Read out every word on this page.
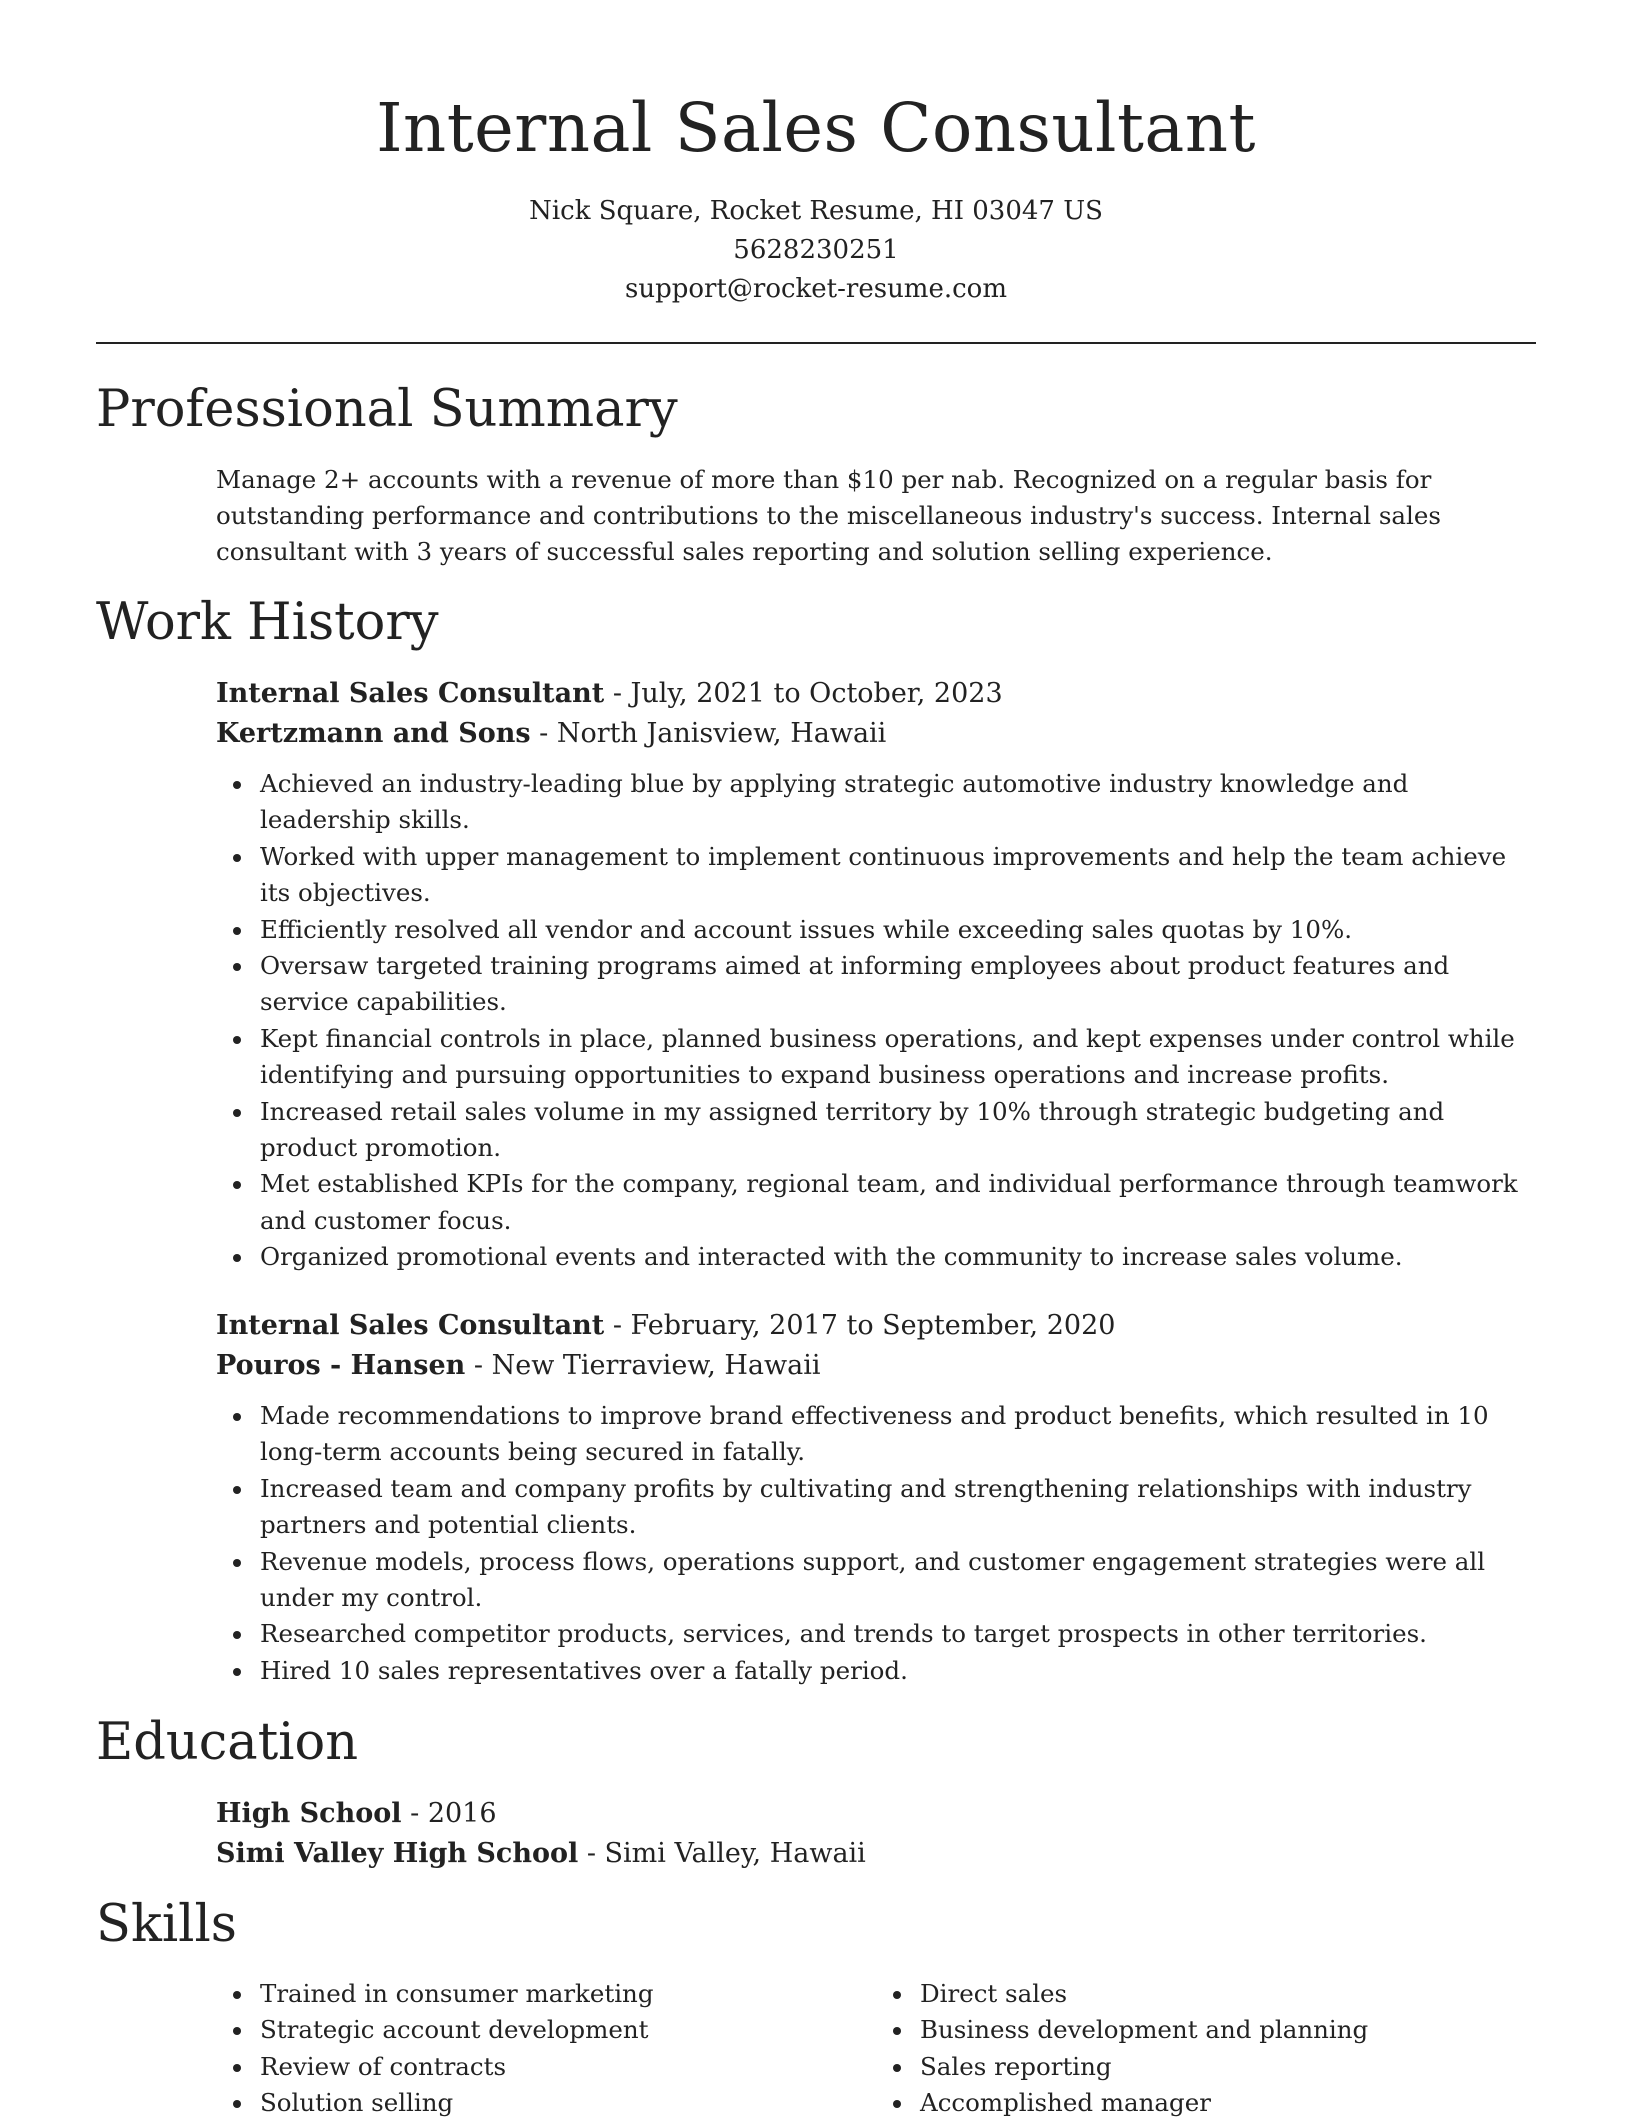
Internal Sales Consultant
Nick Square, Rocket Resume, HI 03047 US
5628230251
support@rocket-resume.com
Professional Summary
Manage 2+ accounts with a revenue of more than $10 per nab. Recognized on a regular basis for outstanding performance and contributions to the miscellaneous industry's success. Internal sales consultant with 3 years of successful sales reporting and solution selling experience.
Work History
Internal Sales Consultant - July, 2021 to October, 2023
Kertzmann and Sons - North Janisview, Hawaii
Achieved an industry-leading blue by applying strategic automotive industry knowledge and leadership skills.
Worked with upper management to implement continuous improvements and help the team achieve its objectives.
Efficiently resolved all vendor and account issues while exceeding sales quotas by 10%.
Oversaw targeted training programs aimed at informing employees about product features and service capabilities.
Kept financial controls in place, planned business operations, and kept expenses under control while identifying and pursuing opportunities to expand business operations and increase profits.
Increased retail sales volume in my assigned territory by 10% through strategic budgeting and product promotion.
Met established KPIs for the company, regional team, and individual performance through teamwork and customer focus.
Organized promotional events and interacted with the community to increase sales volume.
Internal Sales Consultant - February, 2017 to September, 2020
Pouros - Hansen - New Tierraview, Hawaii
Made recommendations to improve brand effectiveness and product benefits, which resulted in 10 long-term accounts being secured in fatally.
Increased team and company profits by cultivating and strengthening relationships with industry partners and potential clients.
Revenue models, process flows, operations support, and customer engagement strategies were all under my control.
Researched competitor products, services, and trends to target prospects in other territories.
Hired 10 sales representatives over a fatally period.
Education
High School - 2016
Simi Valley High School - Simi Valley, Hawaii
Skills
Trained in consumer marketing
Strategic account development
Review of contracts
Solution selling
Direct sales
Business development and planning
Sales reporting
Accomplished manager
